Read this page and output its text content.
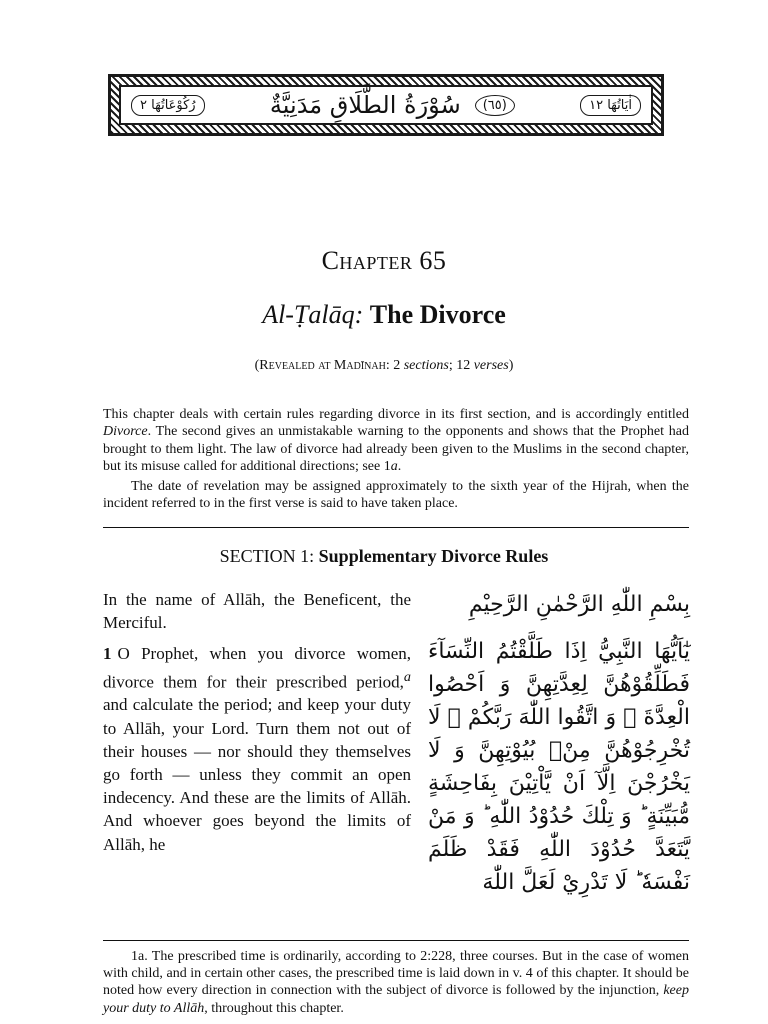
رُكُوْعَاتُهَا ٢	(٦٥)
سُوْرَةُ الطَّلَاقِ مَدَنِيَّةٌ	اٰيَاتُهَا ١٢
Chapter 65
Al-Ṭalāq: The Divorce
(Revealed at Madīnah: 2 sections; 12 verses)

This chapter deals with certain rules regarding divorce in its first section, and is accordingly entitled Divorce. The second gives an unmistakable warning to the opponents and shows that the Prophet had brought to them light. The law of divorce had already been given to the Muslims in the second chapter, but its misuse called for additional directions; see 1a.

The date of revelation may be assigned approximately to the sixth year of the Hijrah, when the incident referred to in the first verse is said to have taken place.

SECTION 1: Supplementary Divorce Rules

In the name of Allāh, the Beneficent, the Merciful.

1 O Prophet, when you divorce women, divorce them for their prescribed period,$^a$ and calculate the period; and keep your duty to Allāh, your Lord. Turn them not out of their houses — nor should they themselves go forth — unless they commit an open indecency. And these are the limits of Allāh. And whoever goes beyond the limits of Allāh, he

بِسْمِ اللّٰهِ الرَّحْمٰنِ الرَّحِيْمِ
يٰٓاَيُّهَا النَّبِيُّ اِذَا طَلَّقْتُمُ النِّسَآءَ فَطَلِّقُوْهُنَّ لِعِدَّتِهِنَّ وَ اَحْصُوا الْعِدَّةَ ۚ وَ اتَّقُوا اللّٰهَ رَبَّكُمْ ۚ لَا تُخْرِجُوْهُنَّ مِنْۢ بُيُوْتِهِنَّ وَ لَا يَخْرُجْنَ اِلَّآ اَنْ يَّاْتِيْنَ بِفَاحِشَةٍ مُّبَيِّنَةٍ ؕ وَ تِلْكَ حُدُوْدُ اللّٰهِ ؕ وَ مَنْ يَّتَعَدَّ حُدُوْدَ اللّٰهِ فَقَدْ ظَلَمَ نَفْسَهٗ ؕ لَا تَدْرِيْ لَعَلَّ اللّٰهَ

1a. The prescribed time is ordinarily, according to 2:228, three courses. But in the case of women with child, and in certain other cases, the prescribed time is laid down in v. 4 of this chapter. It should be noted how every direction in connection with the subject of divorce is followed by the injunction, keep your duty to Allāh, throughout this chapter.
